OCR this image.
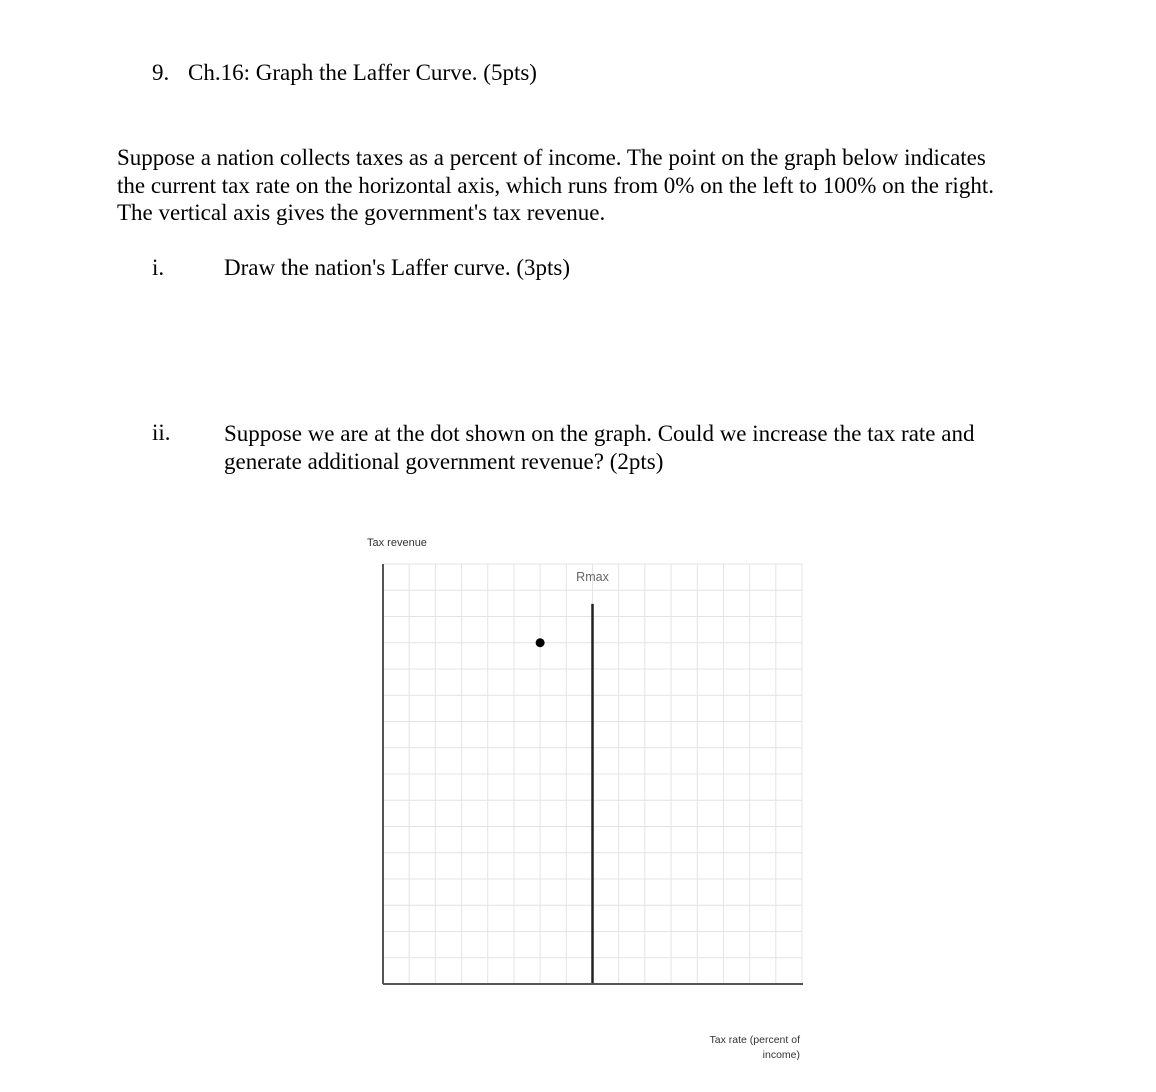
9. Ch.16: Graph the Laffer Curve. (5pts)
Suppose a nation collects taxes as a percent of income. The point on the graph below indicates
the current tax rate on the horizontal axis, which runs from 0% on the left to 100% on the right.
The vertical axis gives the government's tax revenue.
i.	Draw the nation's Laffer curve. (3pts)
ii. Suppose we are at the dot shown on the graph. Could we increase the tax rate and
generate additional government revenue? (2pts)
Rmax
Tax revenue
Tax rate (percent of
income)
